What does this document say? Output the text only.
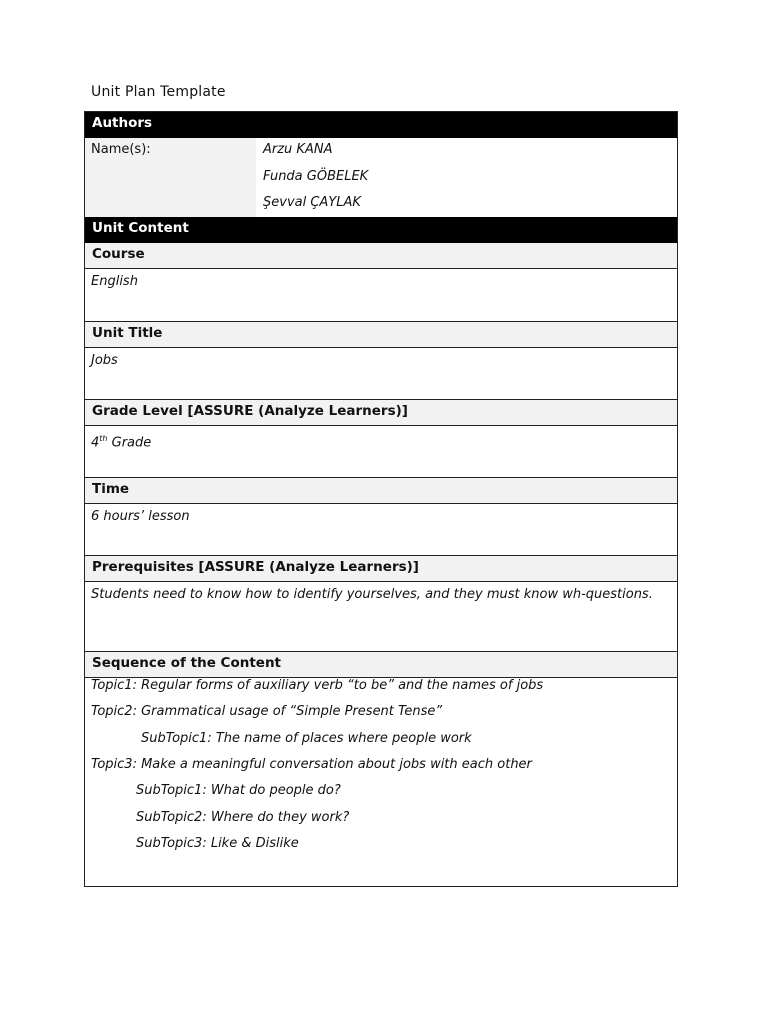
Unit Plan Template
Authors
Name(s):	Arzu KANA
Funda GÖBELEK
Şevval ÇAYLAK
Unit Content
Course
English
Unit Title
Jobs
Grade Level [ASSURE (Analyze Learners)]
4th Grade
Time
6 hours’ lesson
Prerequisites [ASSURE (Analyze Learners)]
Students need to know how to identify yourselves, and they must know wh-questions.
Sequence of the Content
Topic1: Regular forms of auxiliary verb “to be” and the names of jobs
Topic2: Grammatical usage of “Simple Present Tense”
SubTopic1: The name of places where people work
Topic3: Make a meaningful conversation about jobs with each other
SubTopic1: What do people do?
SubTopic2: Where do they work?
SubTopic3: Like & Dislike
